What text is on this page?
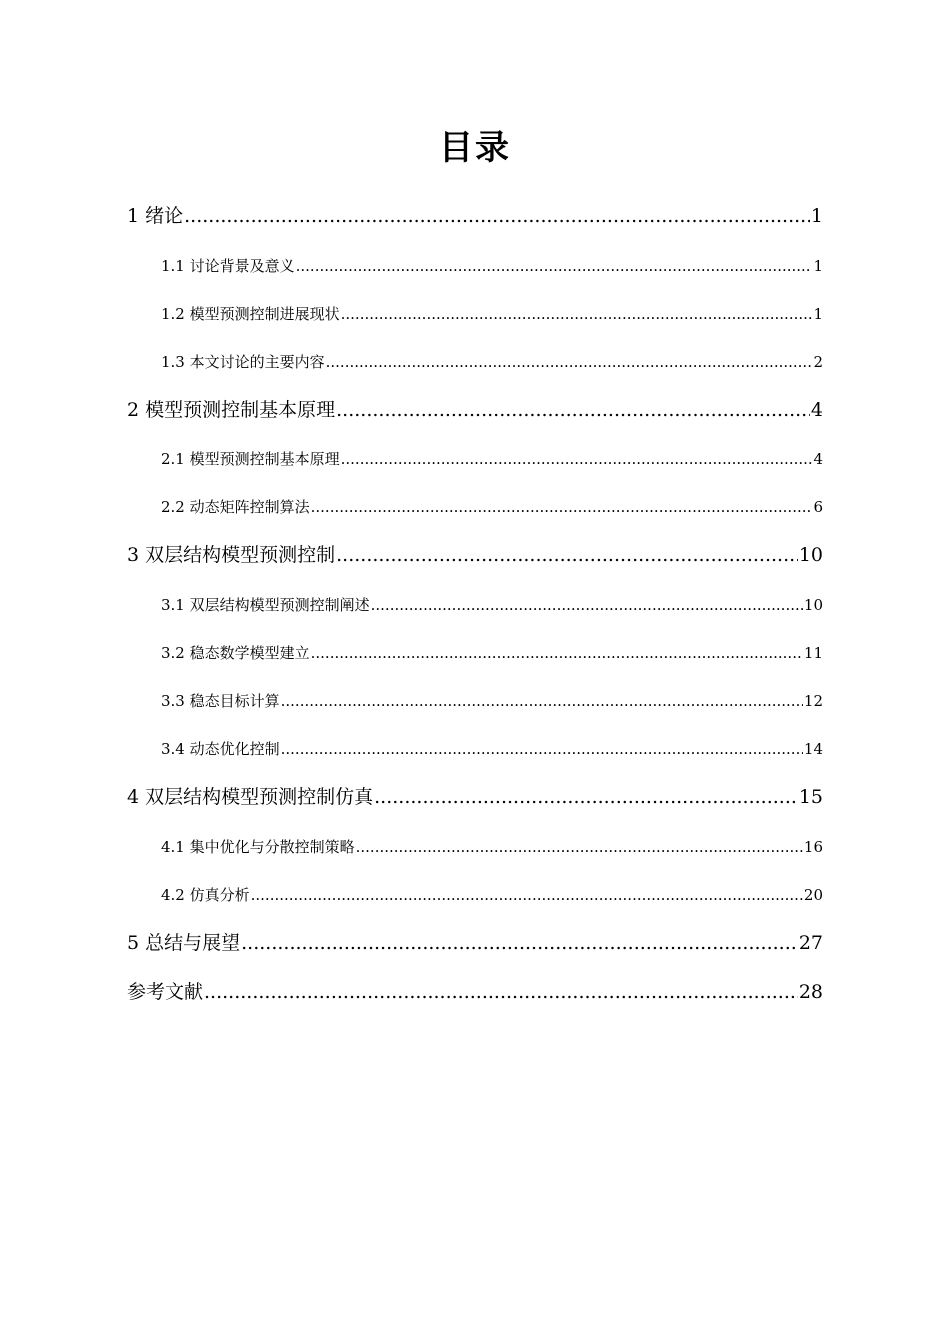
目录
1 绪论 .....	1
1.1 讨论背景及意义 .....	1
1.2 模型预测控制进展现状 .....	1
1.3 本文讨论的主要内容 .....	2
2 模型预测控制基本原理 .....	4
2.1 模型预测控制基本原理 .....	4
2.2 动态矩阵控制算法 .....	6
3 双层结构模型预测控制 .....	10
3.1 双层结构模型预测控制阐述 .....	10
3.2 稳态数学模型建立 .....	11
3.3 稳态目标计算 .....	12
3.4 动态优化控制 .....	14
4 双层结构模型预测控制仿真 .....	15
4.1 集中优化与分散控制策略 .....	16
4.2 仿真分析 .....	20
5 总结与展望 .....	27
参考文献 .....	28
